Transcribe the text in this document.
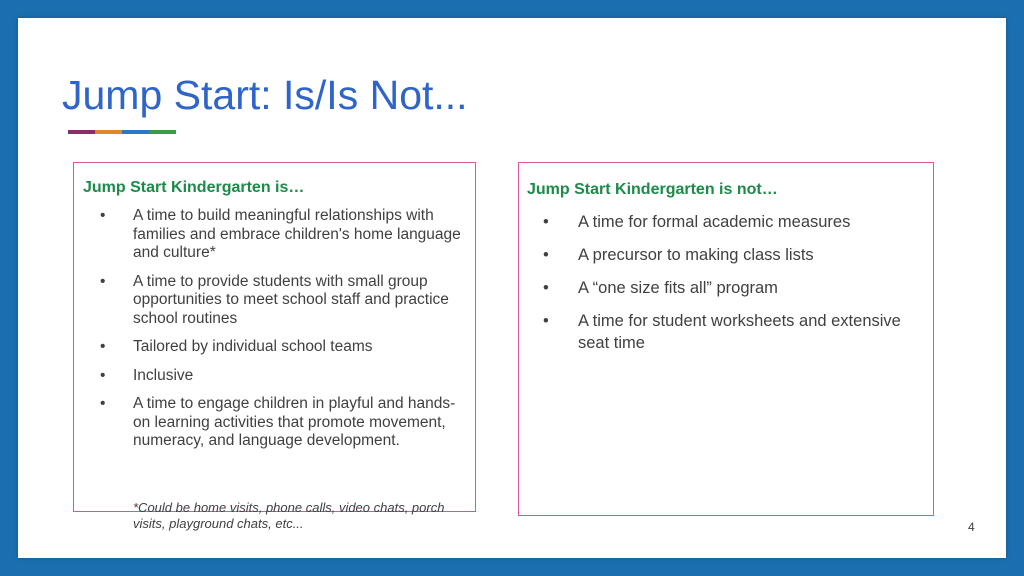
Jump Start: Is/Is Not...
Jump Start Kindergarten is…
• A time to build meaningful relationships with families and embrace children's home language and culture*
• A time to provide students with small group opportunities to meet school staff and practice school routines
• Tailored by individual school teams
• Inclusive
• A time to engage children in playful and hands-on learning activities that promote movement, numeracy, and language development.

*Could be home visits, phone calls, video chats, porch visits, playground chats, etc...

Jump Start Kindergarten is not…
• A time for formal academic measures
• A precursor to making class lists
• A “one size fits all” program
• A time for student worksheets and extensive seat time
4
